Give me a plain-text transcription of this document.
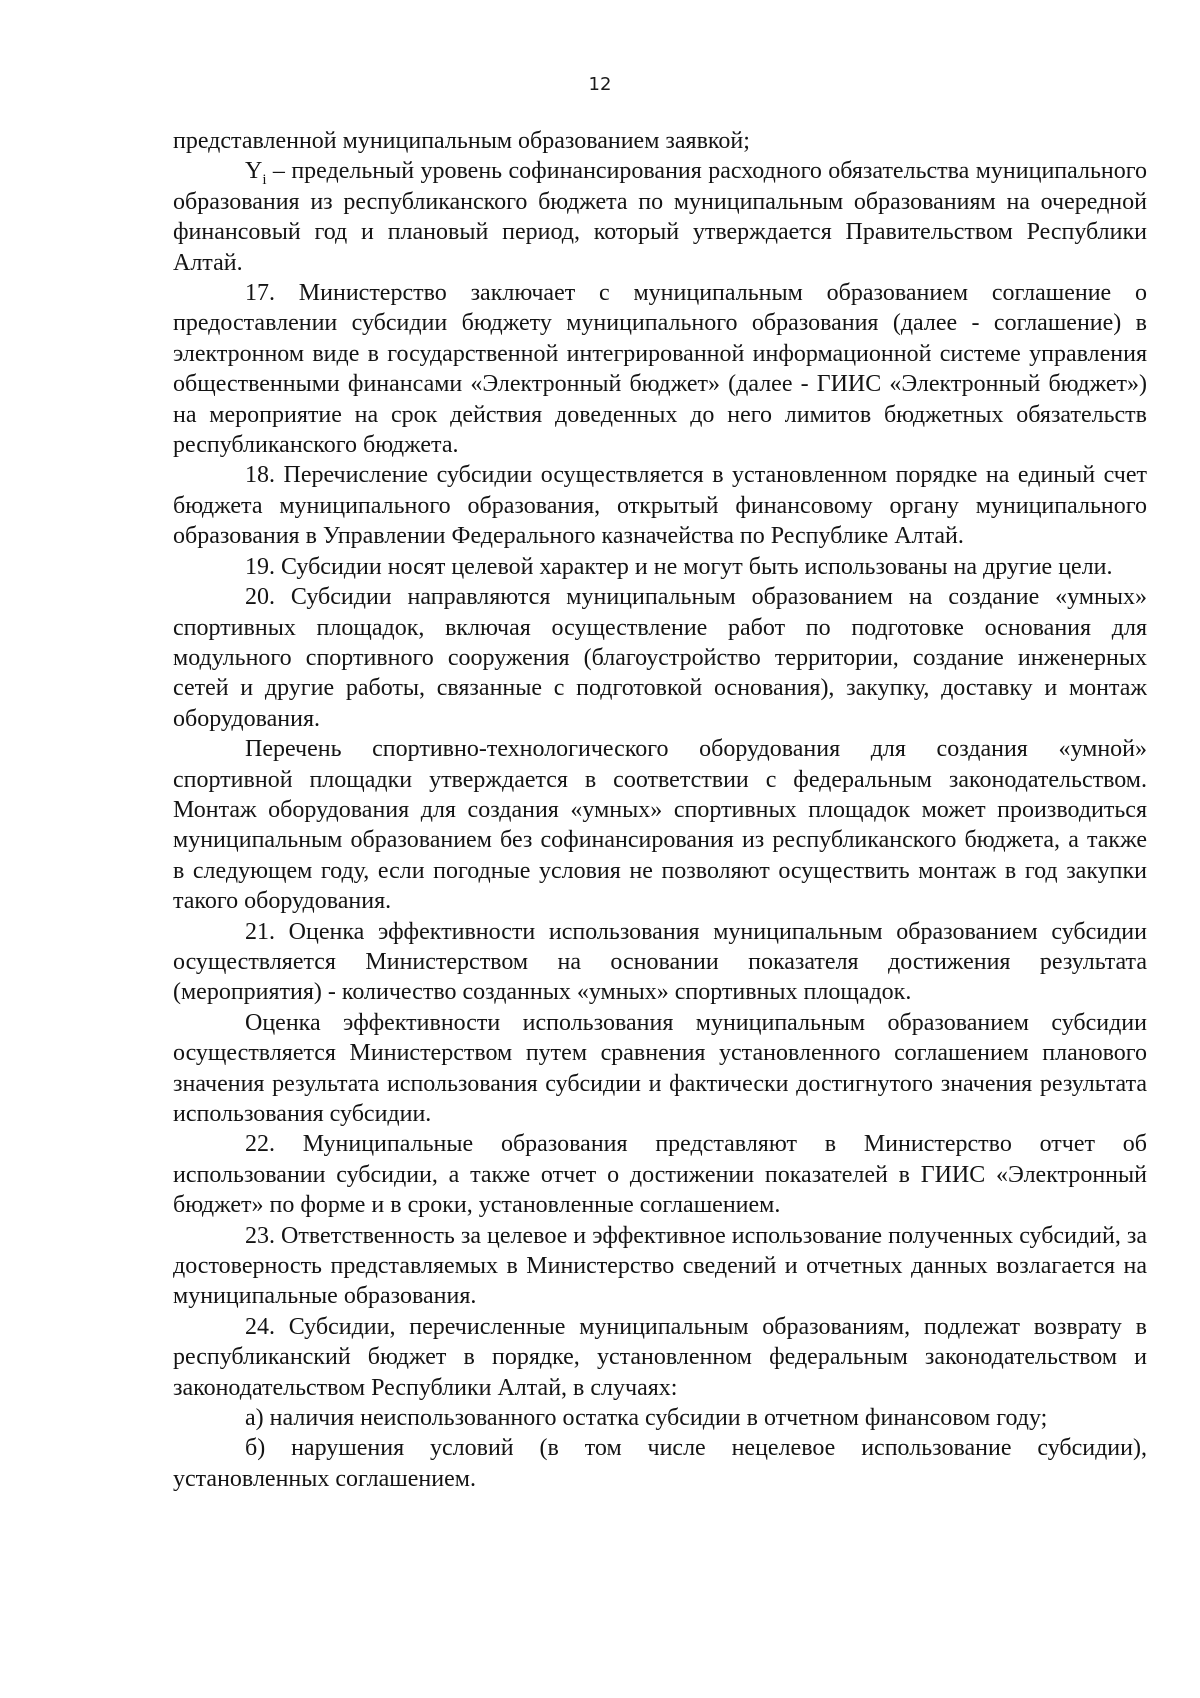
12

представленной муниципальным образованием заявкой;

$Y_i$ – предельный уровень софинансирования расходного обязательства муниципального образования из республиканского бюджета по муниципальным образованиям на очередной финансовый год и плановый период, который утверждается Правительством Республики Алтай.

17. Министерство заключает с муниципальным образованием соглашение о предоставлении субсидии бюджету муниципального образования (далее - соглашение) в электронном виде в государственной интегрированной информационной системе управления общественными финансами «Электронный бюджет» (далее - ГИИС «Электронный бюджет») на мероприятие на срок действия доведенных до него лимитов бюджетных обязательств республиканского бюджета.

18. Перечисление субсидии осуществляется в установленном порядке на единый счет бюджета муниципального образования, открытый финансовому органу муниципального образования в Управлении Федерального казначейства по Республике Алтай.

19. Субсидии носят целевой характер и не могут быть использованы на другие цели.

20. Субсидии направляются муниципальным образованием на создание «умных» спортивных площадок, включая осуществление работ по подготовке основания для модульного спортивного сооружения (благоустройство территории, создание инженерных сетей и другие работы, связанные с подготовкой основания), закупку, доставку и монтаж оборудования.

Перечень спортивно-технологического оборудования для создания «умной» спортивной площадки утверждается в соответствии с федеральным законодательством. Монтаж оборудования для создания «умных» спортивных площадок может производиться муниципальным образованием без софинансирования из республиканского бюджета, а также в следующем году, если погодные условия не позволяют осуществить монтаж в год закупки такого оборудования.

21. Оценка эффективности использования муниципальным образованием субсидии осуществляется Министерством на основании показателя достижения результата (мероприятия) - количество созданных «умных» спортивных площадок.

Оценка эффективности использования муниципальным образованием субсидии осуществляется Министерством путем сравнения установленного соглашением планового значения результата использования субсидии и фактически достигнутого значения результата использования субсидии.

22. Муниципальные образования представляют в Министерство отчет об использовании субсидии, а также отчет о достижении показателей в ГИИС «Электронный бюджет» по форме и в сроки, установленные соглашением.

23. Ответственность за целевое и эффективное использование полученных субсидий, за достоверность представляемых в Министерство сведений и отчетных данных возлагается на муниципальные образования.

24. Субсидии, перечисленные муниципальным образованиям, подлежат возврату в республиканский бюджет в порядке, установленном федеральным законодательством и законодательством Республики Алтай, в случаях:

а) наличия неиспользованного остатка субсидии в отчетном финансовом году;

б) нарушения условий (в том числе нецелевое использование субсидии), установленных соглашением.
